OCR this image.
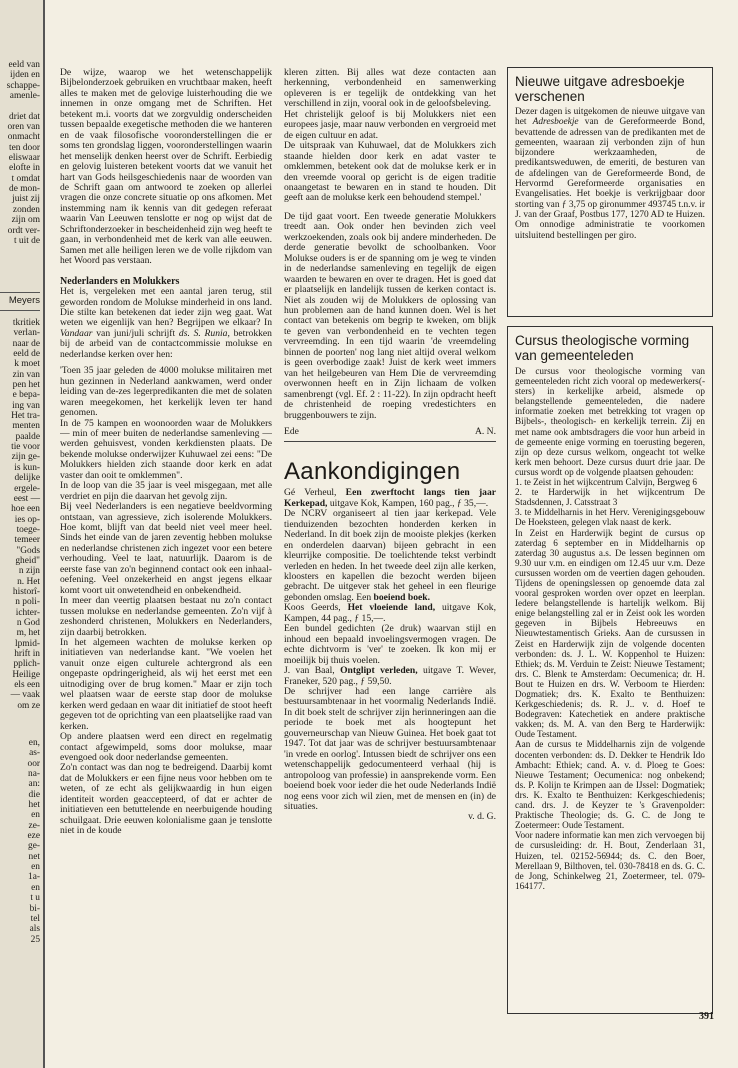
eeld van
ijden en
schappe-
amenle-

driet dat
oren van
onmacht
ten door
eliswaar
elofte in
t omdat
de mon-
juist zij
zonden
zijn om
ordt ver-
t uit de
Meyers
tkritiek
verlan-
naar de
eeld de
k moet
zin van
pen het
e bepa-
ing van
Het tra-
menten
paalde
tie voor
zijn ge-
is kun-
delijke
ergele-
eest —
hoe een
ies op-
toege-
temeer
"Gods
gheid"
n zijn
n. Het
historî-
n poli-
ichter-
n God
m, het
lpmid-
hrift in
pplich-
Heilige
els een
— vaak
om ze
en,
as-
oor
na-
an:
die
het
en
ze-
eze
ge-
net
en
1a-
en
t u
bi-
tel
als
25

De wijze, waarop we het wetenschappelijk Bijbelonderzoek gebruiken en vruchtbaar maken, heeft alles te maken met de gelovige luisterhouding die we innemen in onze omgang met de Schriften. Het betekent m.i. voorts dat we zorgvuldig onderscheiden tussen bepaalde exegetische methoden die we hanteren en de vaak filosofische vooronderstellingen die er soms ten grondslag liggen, vooronderstellingen waarin het menselijk denken heerst over de Schrift. Eerbiedig en gelovig luisteren betekent voorts dat we vanuit het hart van Gods heilsgeschiedenis naar de woorden van de Schrift gaan om antwoord te zoeken op allerlei vragen die onze concrete situatie op ons afkomen. Met instemming nam ik kennis van dit gedegen referaat waarin Van Leeuwen tenslotte er nog op wijst dat de Schriftonderzoeker in bescheidenheid zijn weg heeft te gaan, in verbondenheid met de kerk van alle eeuwen. Samen met alle heiligen leren we de volle rijkdom van het Woord pas verstaan.

Nederlanders en Molukkers

Het is, vergeleken met een aantal jaren terug, stil geworden rondom de Molukse minderheid in ons land. Die stilte kan betekenen dat ieder zijn weg gaat. Wat weten we eigenlijk van hen? Begrijpen we elkaar? In Vandaar van juni/juli schrijft ds. S. Runia, betrokken bij de arbeid van de contactcommissie molukse en nederlandse kerken over hen:

'Toen 35 jaar geleden de 4000 molukse militairen met hun gezinnen in Nederland aankwamen, werd onder leiding van de-zes legerpredikanten die met de solaten waren meegekomen, het kerkelijk leven ter hand genomen.

In de 75 kampen en woonoorden waar de Molukkers — min of meer buiten de nederlandse samenleving — werden gehuisvest, vonden kerkdiensten plaats. De bekende molukse onderwijzer Kuhuwael zei eens: "De Molukkers hielden zich staande door kerk en adat vaster dan ooit te omklemmen".

In de loop van die 35 jaar is veel misgegaan, met alle verdriet en pijn die daarvan het gevolg zijn.

Bij veel Nederlanders is een negatieve beeldvorming ontstaan, van agressieve, zich isolerende Molukkers. Hoe komt, blijft van dat beeld niet veel meer heel. Sinds het einde van de jaren zeventig hebben molukse en nederlandse christenen zich ingezet voor een betere verhouding. Veel te laat, natuurlijk. Daarom is de eerste fase van zo'n beginnend contact ook een inhaal-oefening. Veel onzekerheid en angst jegens elkaar komt voort uit onwetendheid en onbekendheid.

In meer dan veertig plaatsen bestaat nu zo'n contact tussen molukse en nederlandse gemeenten. Zo'n vijf à zeshonderd christenen, Molukkers en Nederlanders, zijn daarbij betrokken.

In het algemeen wachten de molukse kerken op initiatieven van nederlandse kant. "We voelen het vanuit onze eigen culturele achtergrond als een ongepaste opdringerigheid, als wij het eerst met een uitnodiging over de brug komen." Maar er zijn toch wel plaatsen waar de eerste stap door de molukse kerken werd gedaan en waar dit initiatief de stoot heeft gegeven tot de oprichting van een plaatselijke raad van kerken.

Op andere plaatsen werd een direct en regelmatig contact afgewimpeld, soms door molukse, maar evengoed ook door nederlandse gemeenten.

Zo'n contact was dan nog te bedreigend. Daarbij komt dat de Molukkers er een fijne neus voor hebben om te weten, of ze echt als gelijkwaardig in hun eigen identiteit worden geaccepteerd, of dat er achter de initiatieven een betuttelende en neerbuigende houding schuilgaat. Drie eeuwen kolonialisme gaan je tenslotte niet in de koude

kleren zitten. Bij alles wat deze contacten aan herkenning, verbondenheid en samenwerking opleveren is er tegelijk de ontdekking van het verschillend in zijn, vooral ook in de geloofsbeleving.

Het christelijk geloof is bij Molukkers niet een europees jasje, maar nauw verbonden en vergroeid met de eigen cultuur en adat.

De uitspraak van Kuhuwael, dat de Molukkers zich staande hielden door kerk en adat vaster te omklemmen, betekent ook dat de molukse kerk er in den vreemde vooral op gericht is de eigen traditie onaangetast te bewaren en in stand te houden. Dit geeft aan de molukse kerk een behoudend stempel.'

De tijd gaat voort. Een tweede generatie Molukkers treedt aan. Ook onder hen bevinden zich veel werkzoekenden, zoals ook bij andere minderheden. De derde generatie bevolkt de schoolbanken. Voor Molukse ouders is er de spanning om je weg te vinden in de nederlandse samenleving en tegelijk de eigen waarden te bewaren en over te dragen. Het is goed dat er plaatselijk en landelijk tussen de kerken contact is. Niet als zouden wij de Molukkers de oplossing van hun problemen aan de hand kunnen doen. Wel is het contact van betekenis om begrip te kweken, om blijk te geven van verbondenheid en te vechten tegen vervreemding. In een tijd waarin 'de vreemdeling binnen de poorten' nog lang niet altijd overal welkom is geen overbodige zaak! Juist de kerk weet immers van het heilgebeuren van Hem Die de vervreemding overwonnen heeft en in Zijn lichaam de volken samenbrengt (vgl. Ef. 2 : 11-22). In zijn opdracht heeft de christenheid de roeping vredestichters en bruggenbouwers te zijn.

Ede	A. N.
Aankondigingen

Gé Verheul, Een zwerftocht langs tien jaar Kerkepad, uitgave Kok, Kampen, 160 pag., ƒ 35,—.

De NCRV organiseert al tien jaar kerkepad. Vele tienduizenden bezochten honderden kerken in Nederland. In dit boek zijn de mooiste plekjes (kerken en onderdelen daarvan) bijeen gebracht in een kleurrijke compositie. De toelichtende tekst verbindt verleden en heden. In het tweede deel zijn alle kerken, kloosters en kapellen die bezocht werden bijeen gebracht. De uitgever stak het geheel in een fleurige gebonden omslag. Een boeiend boek.

Koos Geerds, Het vloeiende land, uitgave Kok, Kampen, 44 pag., ƒ 15,—.

Een bundel gedichten (2e druk) waarvan stijl en inhoud een bepaald invoelingsvermogen vragen. De echte dichtvorm is 'ver' te zoeken. Ik kon mij er moeilijk bij thuis voelen.

J. van Baal, Ontglipt verleden, uitgave T. Wever, Franeker, 520 pag., ƒ 59,50.

De schrijver had een lange carrière als bestuursambtenaar in het voormalig Nederlands Indië. In dit boek stelt de schrijver zijn herinneringen aan die periode te boek met als hoogtepunt het gouverneurschap van Nieuw Guinea. Het boek gaat tot 1947. Tot dat jaar was de schrijver bestuursambtenaar 'in vrede en oorlog'. Intussen biedt de schrijver ons een wetenschappelijk gedocumenteerd verhaal (hij is antropoloog van professie) in aansprekende vorm. Een boeiend boek voor ieder die het oude Nederlands Indië nog eens voor zich wil zien, met de mensen en (in) de situaties.

v. d. G.
Nieuwe uitgave adresboekje verschenen
Dezer dagen is uitgekomen de nieuwe uitgave van het Adresboekje van de Gereformeerde Bond, bevattende de adressen van de predikanten met de gemeenten, waaraan zij verbonden zijn of hun bijzondere werkzaamheden, de predikantsweduwen, de emeriti, de besturen van de afdelingen van de Gereformeerde Bond, de Hervormd Gereformeerde organisaties en Evangelisaties. Het boekje is verkrijgbaar door storting van ƒ 3,75 op gironummer 493745 t.n.v. ir J. van der Graaf, Postbus 177, 1270 AD te Huizen. Om onnodige administratie te voorkomen uitsluitend bestellingen per giro.
Cursus theologische vorming van gemeenteleden

De cursus voor theologische vorming van gemeenteleden richt zich vooral op medewerkers(-sters) in kerkelijke arbeid, alsmede op belangstellende gemeenteleden, die nadere informatie zoeken met betrekking tot vragen op Bijbels-, theologisch- en kerkelijk terrein. Zij en met name ook ambtsdragers die voor hun arbeid in de gemeente enige vorming en toerusting begeren, zijn op deze cursus welkom, ongeacht tot welke kerk men behoort. Deze cursus duurt drie jaar. De cursus wordt op de volgende plaatsen gehouden:

1. te Zeist in het wijkcentrum Calvijn, Bergweg 6

2. te Harderwijk in het wijkcentrum De Stadsdennen, J. Catsstraat 3

3. te Middelharnis in het Herv. Verenigingsgebouw De Hoeksteen, gelegen vlak naast de kerk.

In Zeist en Harderwijk begint de cursus op zaterdag 6 september en in Middelharnis op zaterdag 30 augustus a.s. De lessen beginnen om 9.30 uur v.m. en eindigen om 12.45 uur v.m. Deze cursussen worden om de veertien dagen gehouden. Tijdens de openingslessen op genoemde data zal vooral gesproken worden over opzet en leerplan. Iedere belangstellende is hartelijk welkom. Bij enige belangstelling zal er in Zeist ook les worden gegeven in Bijbels Hebreeuws en Nieuwtestamentisch Grieks. Aan de cursussen in Zeist en Harderwijk zijn de volgende docenten verbonden: ds. J. L. W. Koppenhol te Huizen: Ethiek; ds. M. Verduin te Zeist: Nieuwe Testament; drs. C. Blenk te Amsterdam: Oecumenica; dr. H. Bout te Huizen en drs. W. Verboom te Hierden: Dogmatiek; drs. K. Exalto te Benthuizen: Kerkgeschiedenis; ds. R. J.. v. d. Hoef te Bodegraven: Katechetiek en andere praktische vakken; ds. M. A. van den Berg te Harderwijk: Oude Testament.

Aan de cursus te Middelharnis zijn de volgende docenten verbonden: ds. D. Dekker te Hendrik Ido Ambacht: Ethiek; cand. A. v. d. Ploeg te Goes: Nieuwe Testament; Oecumenica: nog onbekend; ds. P. Kolijn te Krimpen aan de IJssel: Dogmatiek; drs. K. Exalto te Benthuizen: Kerkgeschiedenis; cand. drs. J. de Keyzer te 's Gravenpolder: Praktische Theologie; ds. G. C. de Jong te Zoetermeer: Oude Testament.

Voor nadere informatie kan men zich vervoegen bij de cursusleiding: dr. H. Bout, Zenderlaan 31, Huizen, tel. 02152-56944; ds. C. den Boer, Merellaan 9, Bilthoven, tel. 030-78418 en ds. G. C. de Jong, Schinkelweg 21, Zoetermeer, tel. 079-164177.

391
